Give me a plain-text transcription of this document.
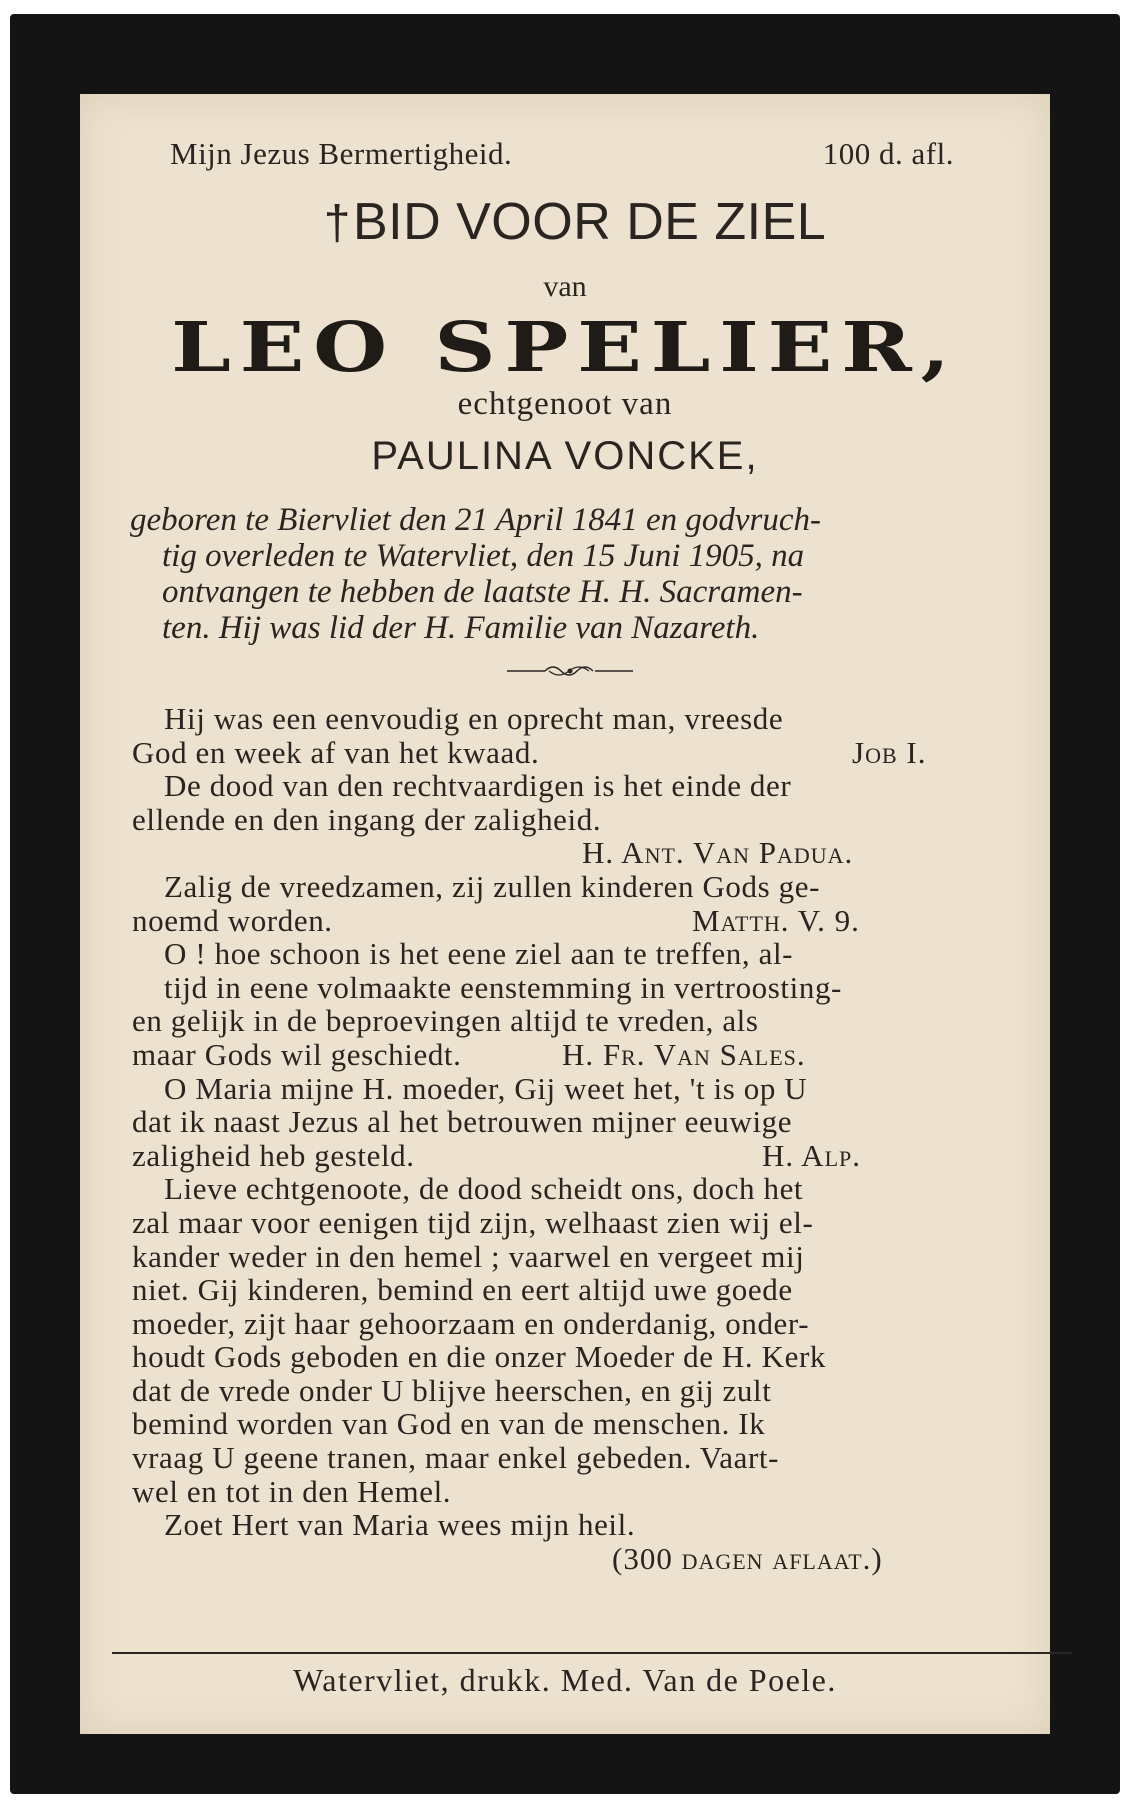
Mijn Jezus Bermertigheid.	100 d. afl.
†BID VOOR DE ZIEL
van
LEO SPELIER,
echtgenoot van
PAULINA VONCKE,
geboren te Biervliet den 21 April 1841 en godvruch-
tig overleden te Watervliet, den 15 Juni 1905, na
ontvangen te hebben de laatste H. H. Sacramen-
ten. Hij was lid der H. Familie van Nazareth.
Hij was een eenvoudig en oprecht man, vreesde
God en week af van het kwaad.	Job I.
De dood van den rechtvaardigen is het einde der
ellende en den ingang der zaligheid.
H. Ant. Van Padua.
Zalig de vreedzamen, zij zullen kinderen Gods ge-
noemd worden.	Matth. V. 9.
O ! hoe schoon is het eene ziel aan te treffen, al-
tijd in eene volmaakte eenstemming in vertroosting-
en gelijk in de beproevingen altijd te vreden, als
maar Gods wil geschiedt.	H. Fr. Van Sales.
O Maria mijne H. moeder, Gij weet het, 't is op U
dat ik naast Jezus al het betrouwen mijner eeuwige
zaligheid heb gesteld.	H. Alp.
Lieve echtgenoote, de dood scheidt ons, doch het
zal maar voor eenigen tijd zijn, welhaast zien wij el-
kander weder in den hemel ; vaarwel en vergeet mij
niet. Gij kinderen, bemind en eert altijd uwe goede
moeder, zijt haar gehoorzaam en onderdanig, onder-
houdt Gods geboden en die onzer Moeder de H. Kerk
dat de vrede onder U blijve heerschen, en gij zult
bemind worden van God en van de menschen. Ik
vraag U geene tranen, maar enkel gebeden. Vaart-
wel en tot in den Hemel.
Zoet Hert van Maria wees mijn heil.
(300 dagen aflaat.)
Watervliet, drukk. Med. Van de Poele.
